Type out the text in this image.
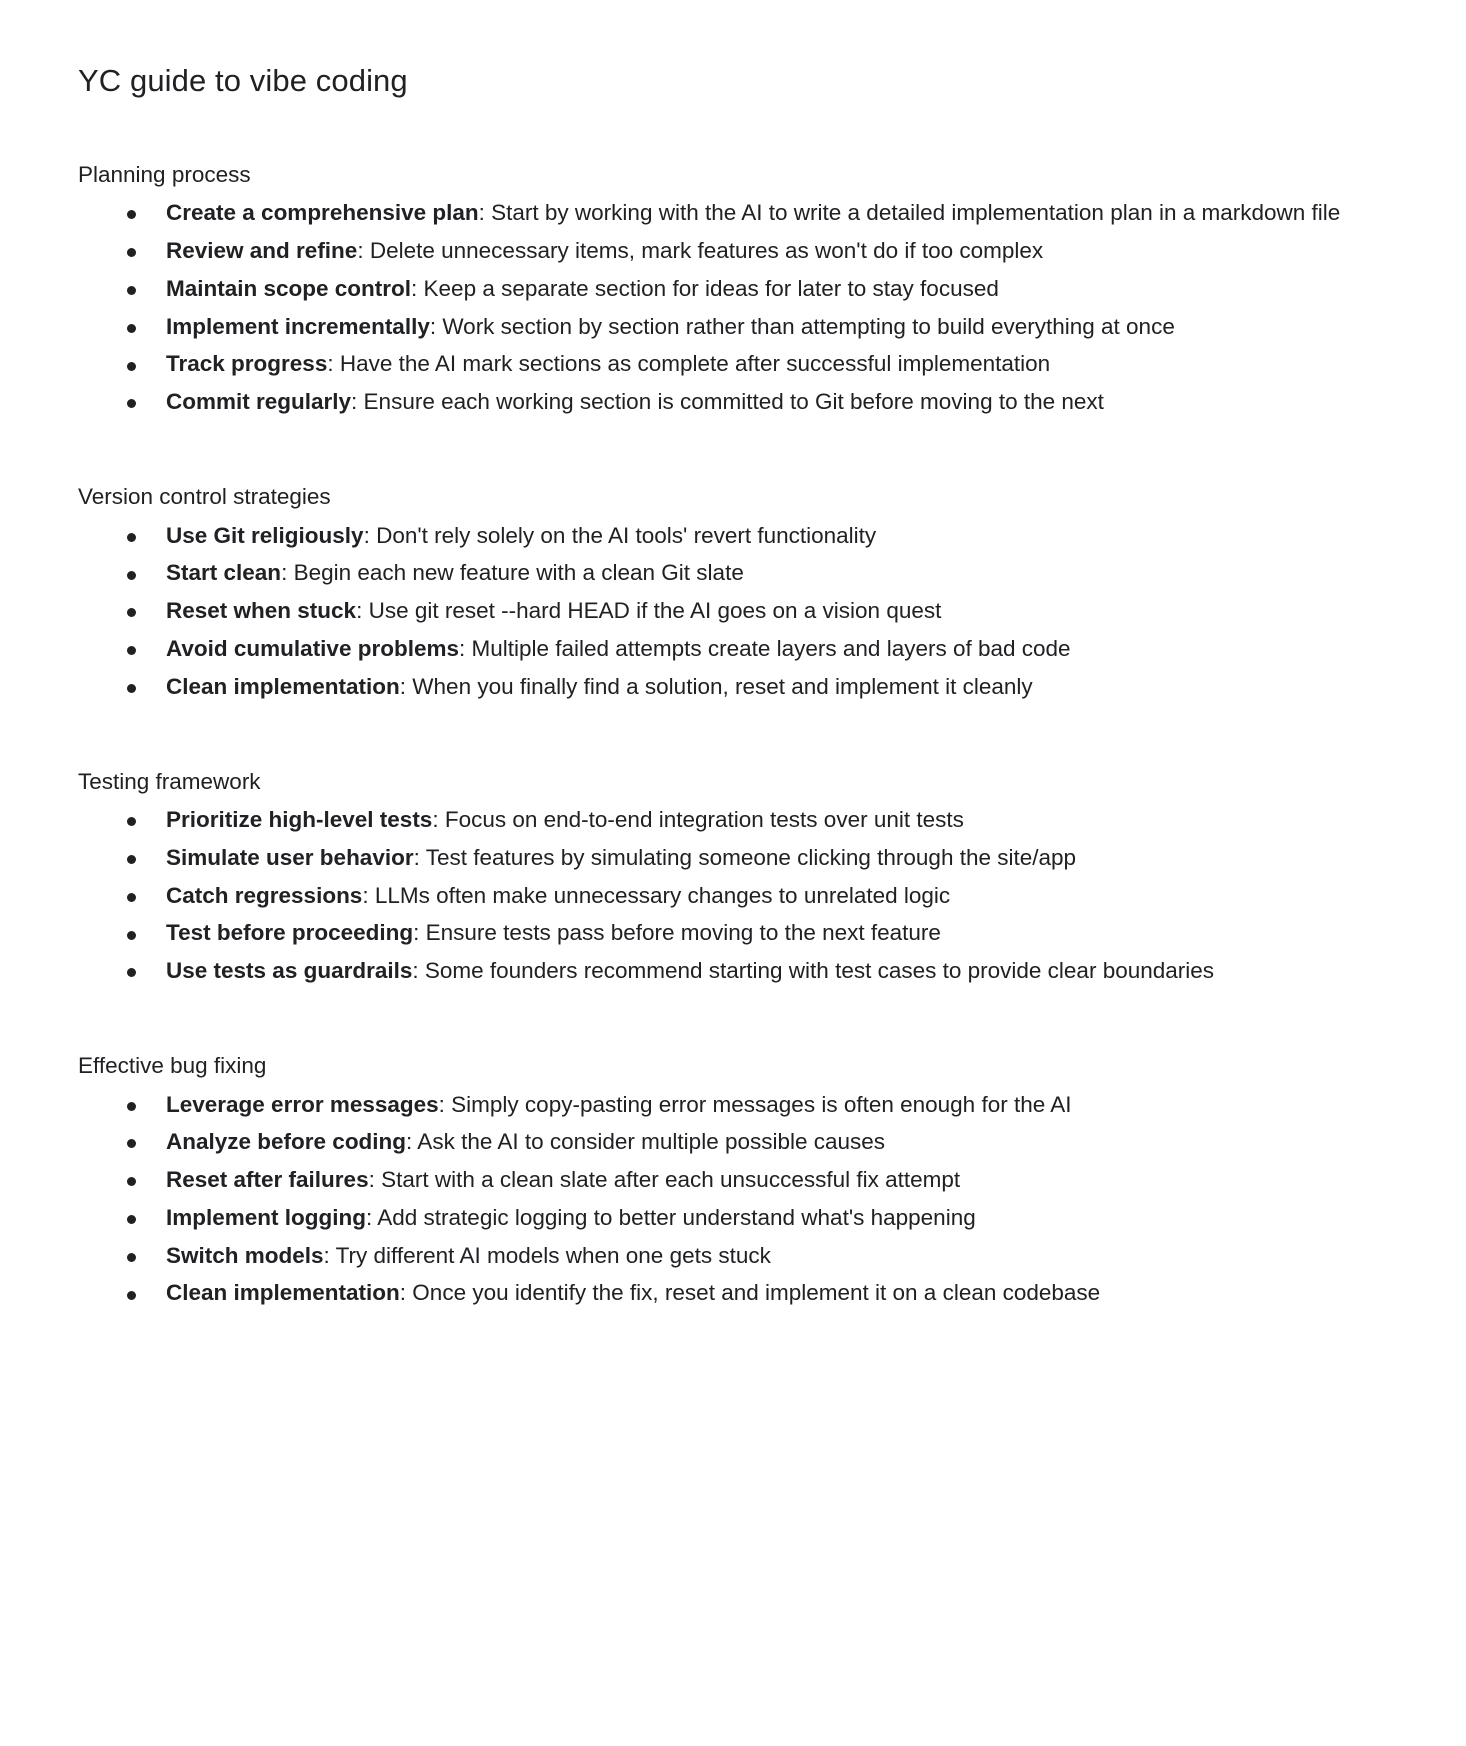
YC guide to vibe coding
Planning process
Create a comprehensive plan: Start by working with the AI to write a detailed implementation plan in a markdown file
Review and refine: Delete unnecessary items, mark features as won't do if too complex
Maintain scope control: Keep a separate section for ideas for later to stay focused
Implement incrementally: Work section by section rather than attempting to build everything at once
Track progress: Have the AI mark sections as complete after successful implementation
Commit regularly: Ensure each working section is committed to Git before moving to the next
Version control strategies
Use Git religiously: Don't rely solely on the AI tools' revert functionality
Start clean: Begin each new feature with a clean Git slate
Reset when stuck: Use git reset --hard HEAD if the AI goes on a vision quest
Avoid cumulative problems: Multiple failed attempts create layers and layers of bad code
Clean implementation: When you finally find a solution, reset and implement it cleanly
Testing framework
Prioritize high-level tests: Focus on end-to-end integration tests over unit tests
Simulate user behavior: Test features by simulating someone clicking through the site/app
Catch regressions: LLMs often make unnecessary changes to unrelated logic
Test before proceeding: Ensure tests pass before moving to the next feature
Use tests as guardrails: Some founders recommend starting with test cases to provide clear boundaries
Effective bug fixing
Leverage error messages: Simply copy-pasting error messages is often enough for the AI
Analyze before coding: Ask the AI to consider multiple possible causes
Reset after failures: Start with a clean slate after each unsuccessful fix attempt
Implement logging: Add strategic logging to better understand what's happening
Switch models: Try different AI models when one gets stuck
Clean implementation: Once you identify the fix, reset and implement it on a clean codebase
